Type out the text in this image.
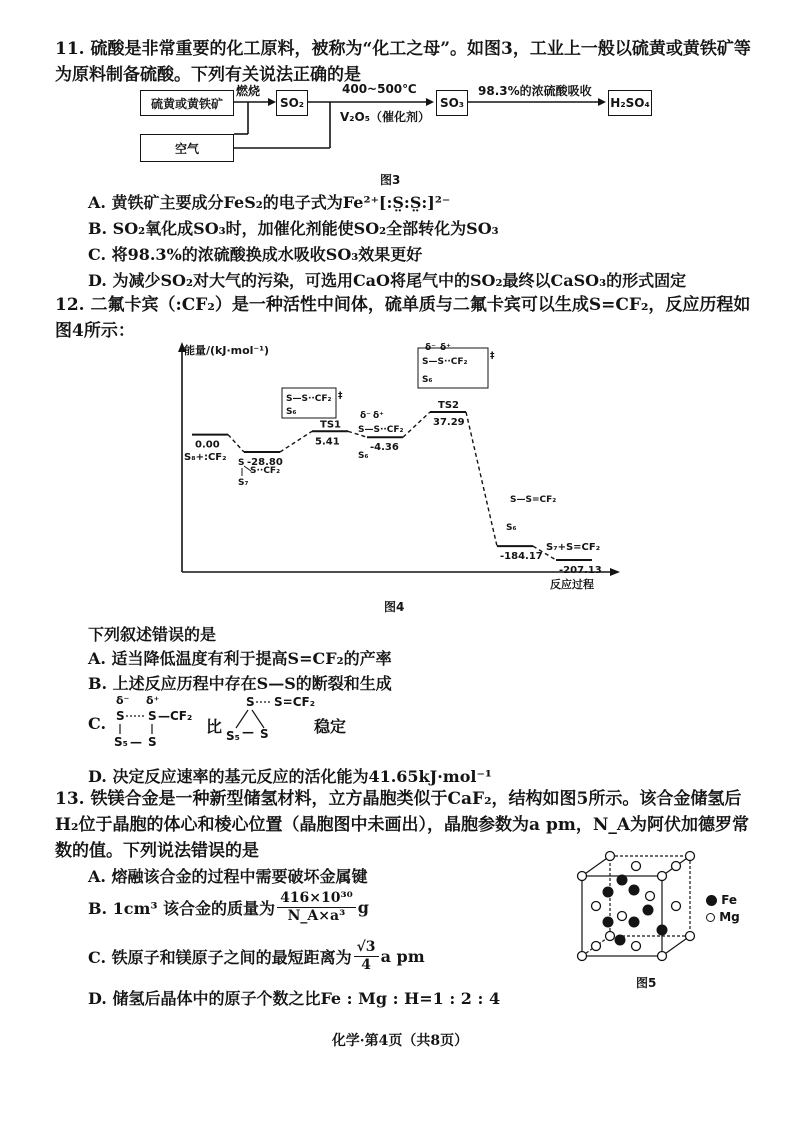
11. 硫酸是非常重要的化工原料，被称为“化工之母”。如图3，工业上一般以硫黄或黄铁矿等为原料制备硫酸。下列有关说法正确的是
硫黄或黄铁矿
燃烧
SO₂
400~500℃
V₂O₅（催化剂）
SO₃
98.3%的浓硫酸吸收
H₂SO₄
空气
图3
A. 黄铁矿主要成分FeS₂的电子式为Fe²⁺[:S̤:S̤:]²⁻
B. SO₂氧化成SO₃时，加催化剂能使SO₂全部转化为SO₃
C. 将98.3%的浓硫酸换成水吸收SO₃效果更好
D. 为减少SO₂对大气的污染，可选用CaO将尾气中的SO₂最终以CaSO₃的形式固定
12. 二氟卡宾（:CF₂）是一种活性中间体，硫单质与二氟卡宾可以生成S=CF₂，反应历程如图4所示：
能量/(kJ·mol⁻¹)
反应过程
0.00
-28.80
5.41
-4.36
37.29
-184.17
-207.13
TS1
TS2
S₈+:CF₂ S
S··CF₂
S₇
S—S··CF₂
S₆
‡
δ⁻ δ⁺
S—S··CF₂
S₆
δ⁻ δ⁺
S—S··CF₂
S₆
‡
S—S=CF₂
S₆
S₇+S=CF₂
图4
下列叙述错误的是
A. 适当降低温度有利于提高S=CF₂的产率
B. 上述反应历程中存在S—S的断裂和生成
C.
δ⁻ δ⁺
S S —CF₂
S₅ — S
比
S S=CF₂
S₅ — S	稳定
D. 决定反应速率的基元反应的活化能为41.65kJ·mol⁻¹
13. 铁镁合金是一种新型储氢材料，立方晶胞类似于CaF₂，结构如图5所示。该合金储氢后H₂位于晶胞的体心和棱心位置（晶胞图中未画出），晶胞参数为a pm，N_A为阿伏加德罗常数的值。下列说法错误的是
A. 熔融该合金的过程中需要破坏金属键
B. 1cm³ 该合金的质量为 $\frac{\text{416×10³⁰}}{\text{N\_A×a³}}$ g
C. 铁原子和镁原子之间的最短距离为 $\frac{√3}{4}$ a pm
D. 储氢后晶体中的原子个数之比Fe : Mg : H=1 : 2 : 4
Fe
Mg
图5
化学·第4页（共8页）
